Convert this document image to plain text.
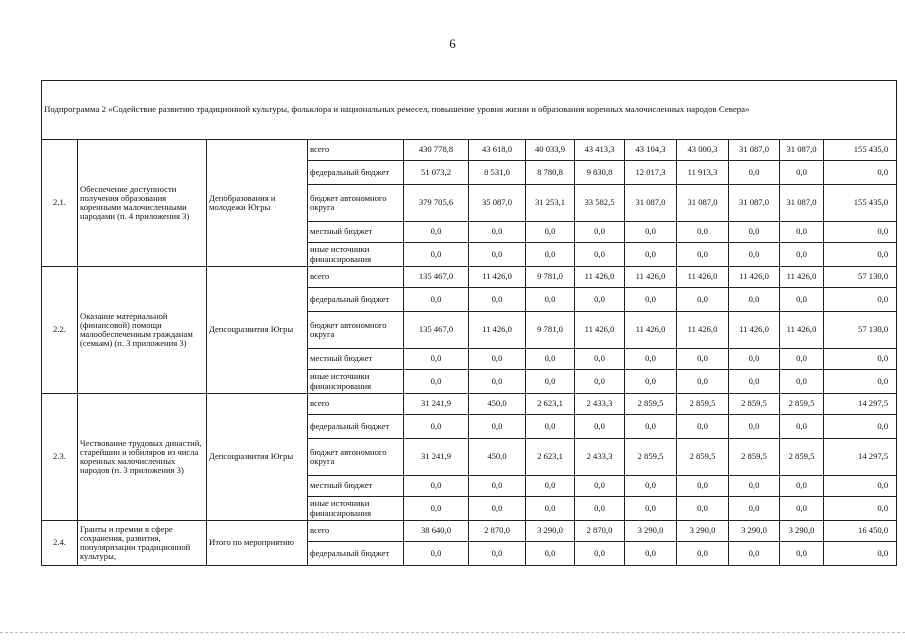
6
Подпрограмма 2 «Содействие развитию традиционной культуры, фольклора и национальных ремесел, повышение уровня жизни и образования коренных малочисленных народов Севера»												
2.1.	Обеспечение доступности получения образования коренными малочисленными народами (п. 4 приложения 3)	Депобразования и молодежи Югры	всего	430 778,8	43 618,0	40 033,9	43 413,3	43 104,3	43 000,3	31 087,0	31 087,0	155 435,0
			федеральный бюджет	51 073,2	8 531,0	8 780,8	9 830,8	12 017,3	11 913,3	0,0	0,0	0,0
			бюджет автономного округа	379 705,6	35 087,0	31 253,1	33 582,5	31 087,0	31 087,0	31 087,0	31 087,0	155 435,0
			местный бюджет	0,0	0,0	0,0	0,0	0,0	0,0	0,0	0,0	0,0
			иные источники финансирования	0,0	0,0	0,0	0,0	0,0	0,0	0,0	0,0	0,0
2.2.	Оказание материальной (финансовой) помощи малообеспеченным гражданам (семьям) (п. 3 приложения 3)	Депсоцразвития Югры	всего	135 467,0	11 426,0	9 781,0	11 426,0	11 426,0	11 426,0	11 426,0	11 426,0	57 130,0
			федеральный бюджет	0,0	0,0	0,0	0,0	0,0	0,0	0,0	0,0	0,0
			бюджет автономного округа	135 467,0	11 426,0	9 781,0	11 426,0	11 426,0	11 426,0	11 426,0	11 426,0	57 130,0
			местный бюджет	0,0	0,0	0,0	0,0	0,0	0,0	0,0	0,0	0,0
			иные источники финансирования	0,0	0,0	0,0	0,0	0,0	0,0	0,0	0,0	0,0
2.3.	Чествование трудовых династий, старейшин и юбиляров из числа коренных малочисленных народов (п. 3 приложения 3)	Депсоцразвития Югры	всего	31 241,9	450,0	2 623,1	2 433,3	2 859,5	2 859,5	2 859,5	2 859,5	14 297,5
			федеральный бюджет	0,0	0,0	0,0	0,0	0,0	0,0	0,0	0,0	0,0
			бюджет автономного округа	31 241,9	450,0	2 623,1	2 433,3	2 859,5	2 859,5	2 859,5	2 859,5	14 297,5
			местный бюджет	0,0	0,0	0,0	0,0	0,0	0,0	0,0	0,0	0,0
			иные источники финансирования	0,0	0,0	0,0	0,0	0,0	0,0	0,0	0,0	0,0
2.4.	Гранты и премии в сфере сохранения, развития, популяризации традиционной культуры,	Итого по мероприятию	всего	38 640,0	2 870,0	3 290,0	2 870,0	3 290,0	3 290,0	3 290,0	3 290,0	16 450,0
			федеральный бюджет	0,0	0,0	0,0	0,0	0,0	0,0	0,0	0,0	0,0
